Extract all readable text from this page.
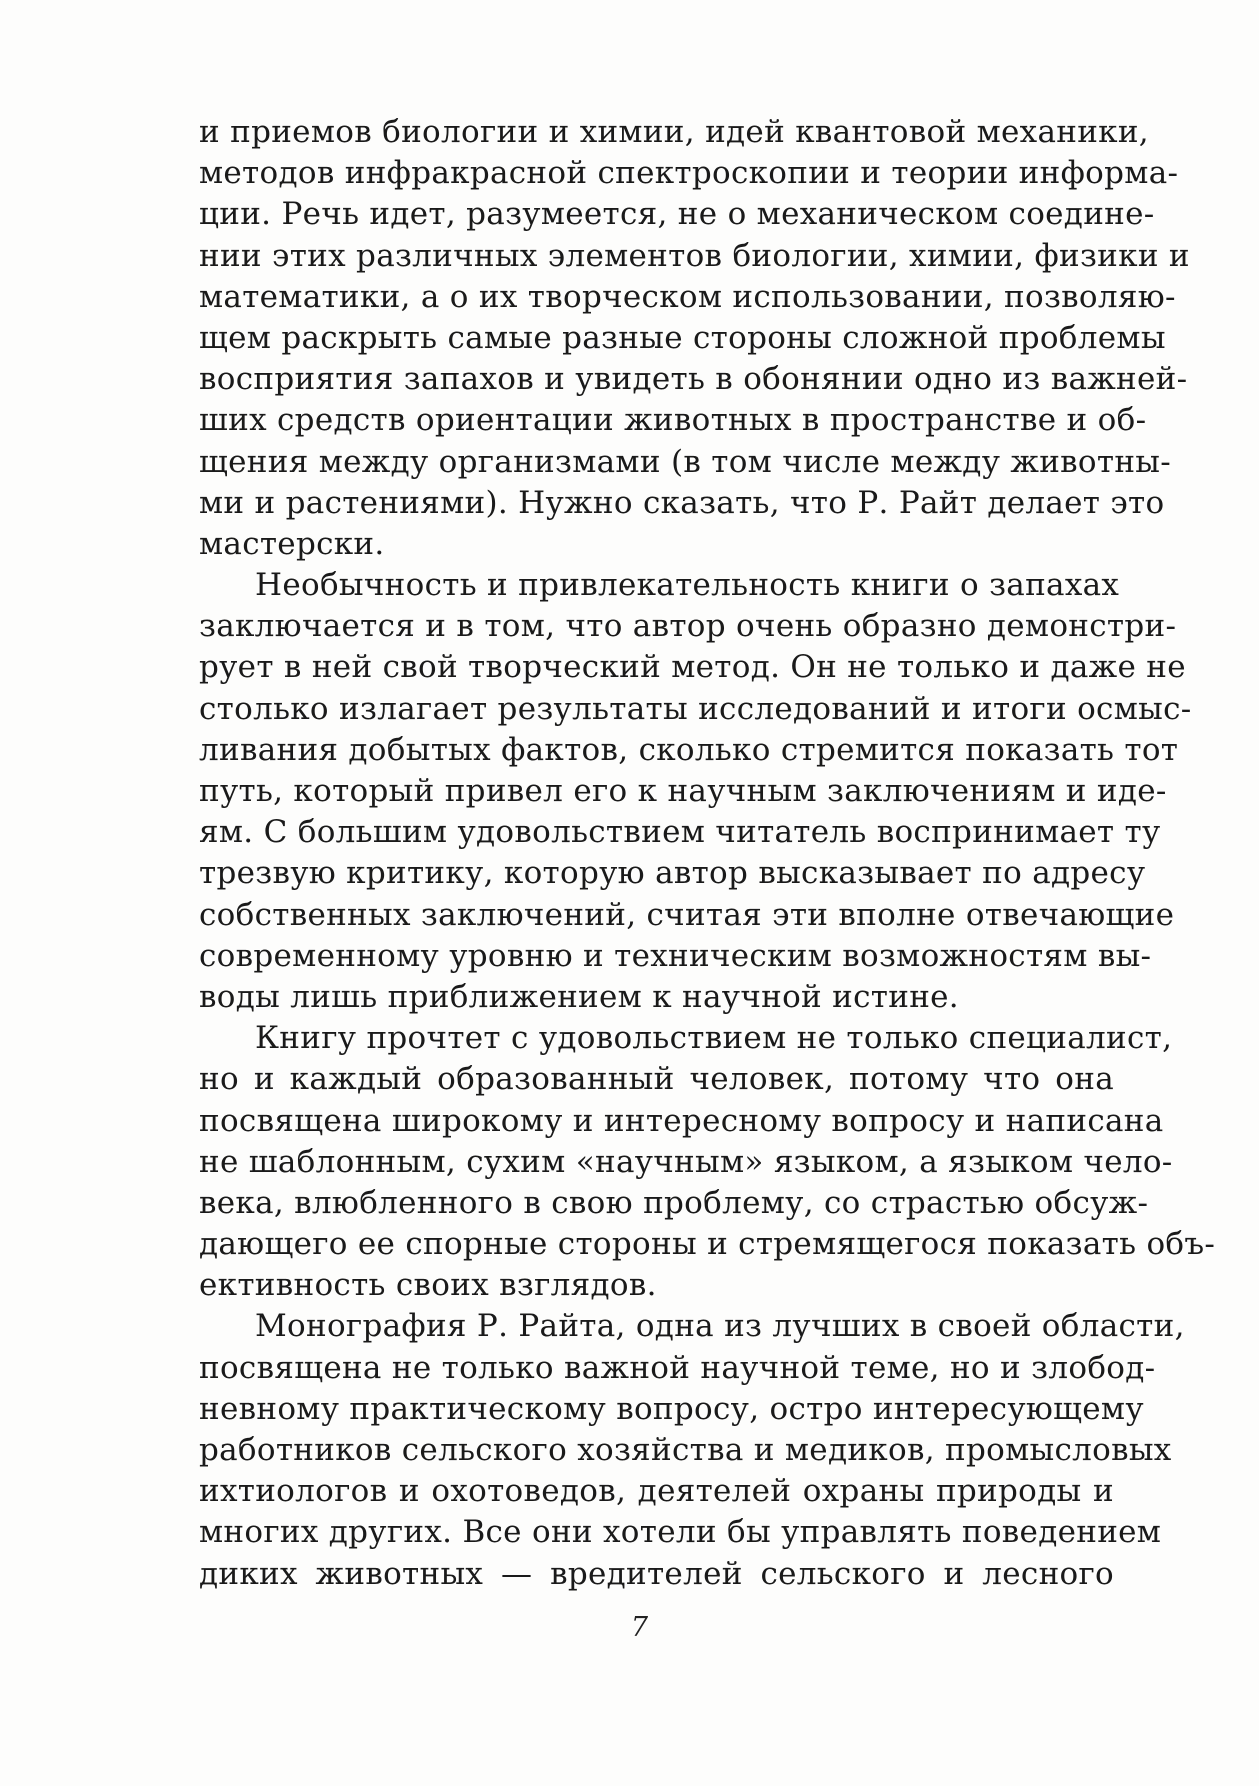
и приемов биологии и химии, идей квантовой механики,
методов инфракрасной спектроскопии и теории информа-
ции. Речь идет, разумеется, не о механическом соедине-
нии этих различных элементов биологии, химии, физики и
математики, а о их творческом использовании, позволяю-
щем раскрыть самые разные стороны сложной проблемы
восприятия запахов и увидеть в обонянии одно из важней-
ших средств ориентации животных в пространстве и об-
щения между организмами (в том числе между животны-
ми и растениями). Нужно сказать, что Р. Райт делает это
мастерски.
Необычность и привлекательность книги о запахах
заключается и в том, что автор очень образно демонстри-
рует в ней свой творческий метод. Он не только и даже не
столько излагает результаты исследований и итоги осмыс-
ливания добытых фактов, сколько стремится показать тот
путь, который привел его к научным заключениям и иде-
ям. С большим удовольствием читатель воспринимает ту
трезвую критику, которую автор высказывает по адресу
собственных заключений, считая эти вполне отвечающие
современному уровню и техническим возможностям вы-
воды лишь приближением к научной истине.
Книгу прочтет с удовольствием не только специалист,
но и каждый образованный человек, потому что она
посвящена широкому и интересному вопросу и написана
не шаблонным, сухим «научным» языком, а языком чело-
века, влюбленного в свою проблему, со страстью обсуж-
дающего ее спорные стороны и стремящегося показать объ-
ективность своих взглядов.
Монография Р. Райта, одна из лучших в своей области,
посвящена не только важной научной теме, но и злобод-
невному практическому вопросу, остро интересующему
работников сельского хозяйства и медиков, промысловых
ихтиологов и охотоведов, деятелей охраны природы и
многих других. Все они хотели бы управлять поведением
диких животных — вредителей сельского и лесного
7
